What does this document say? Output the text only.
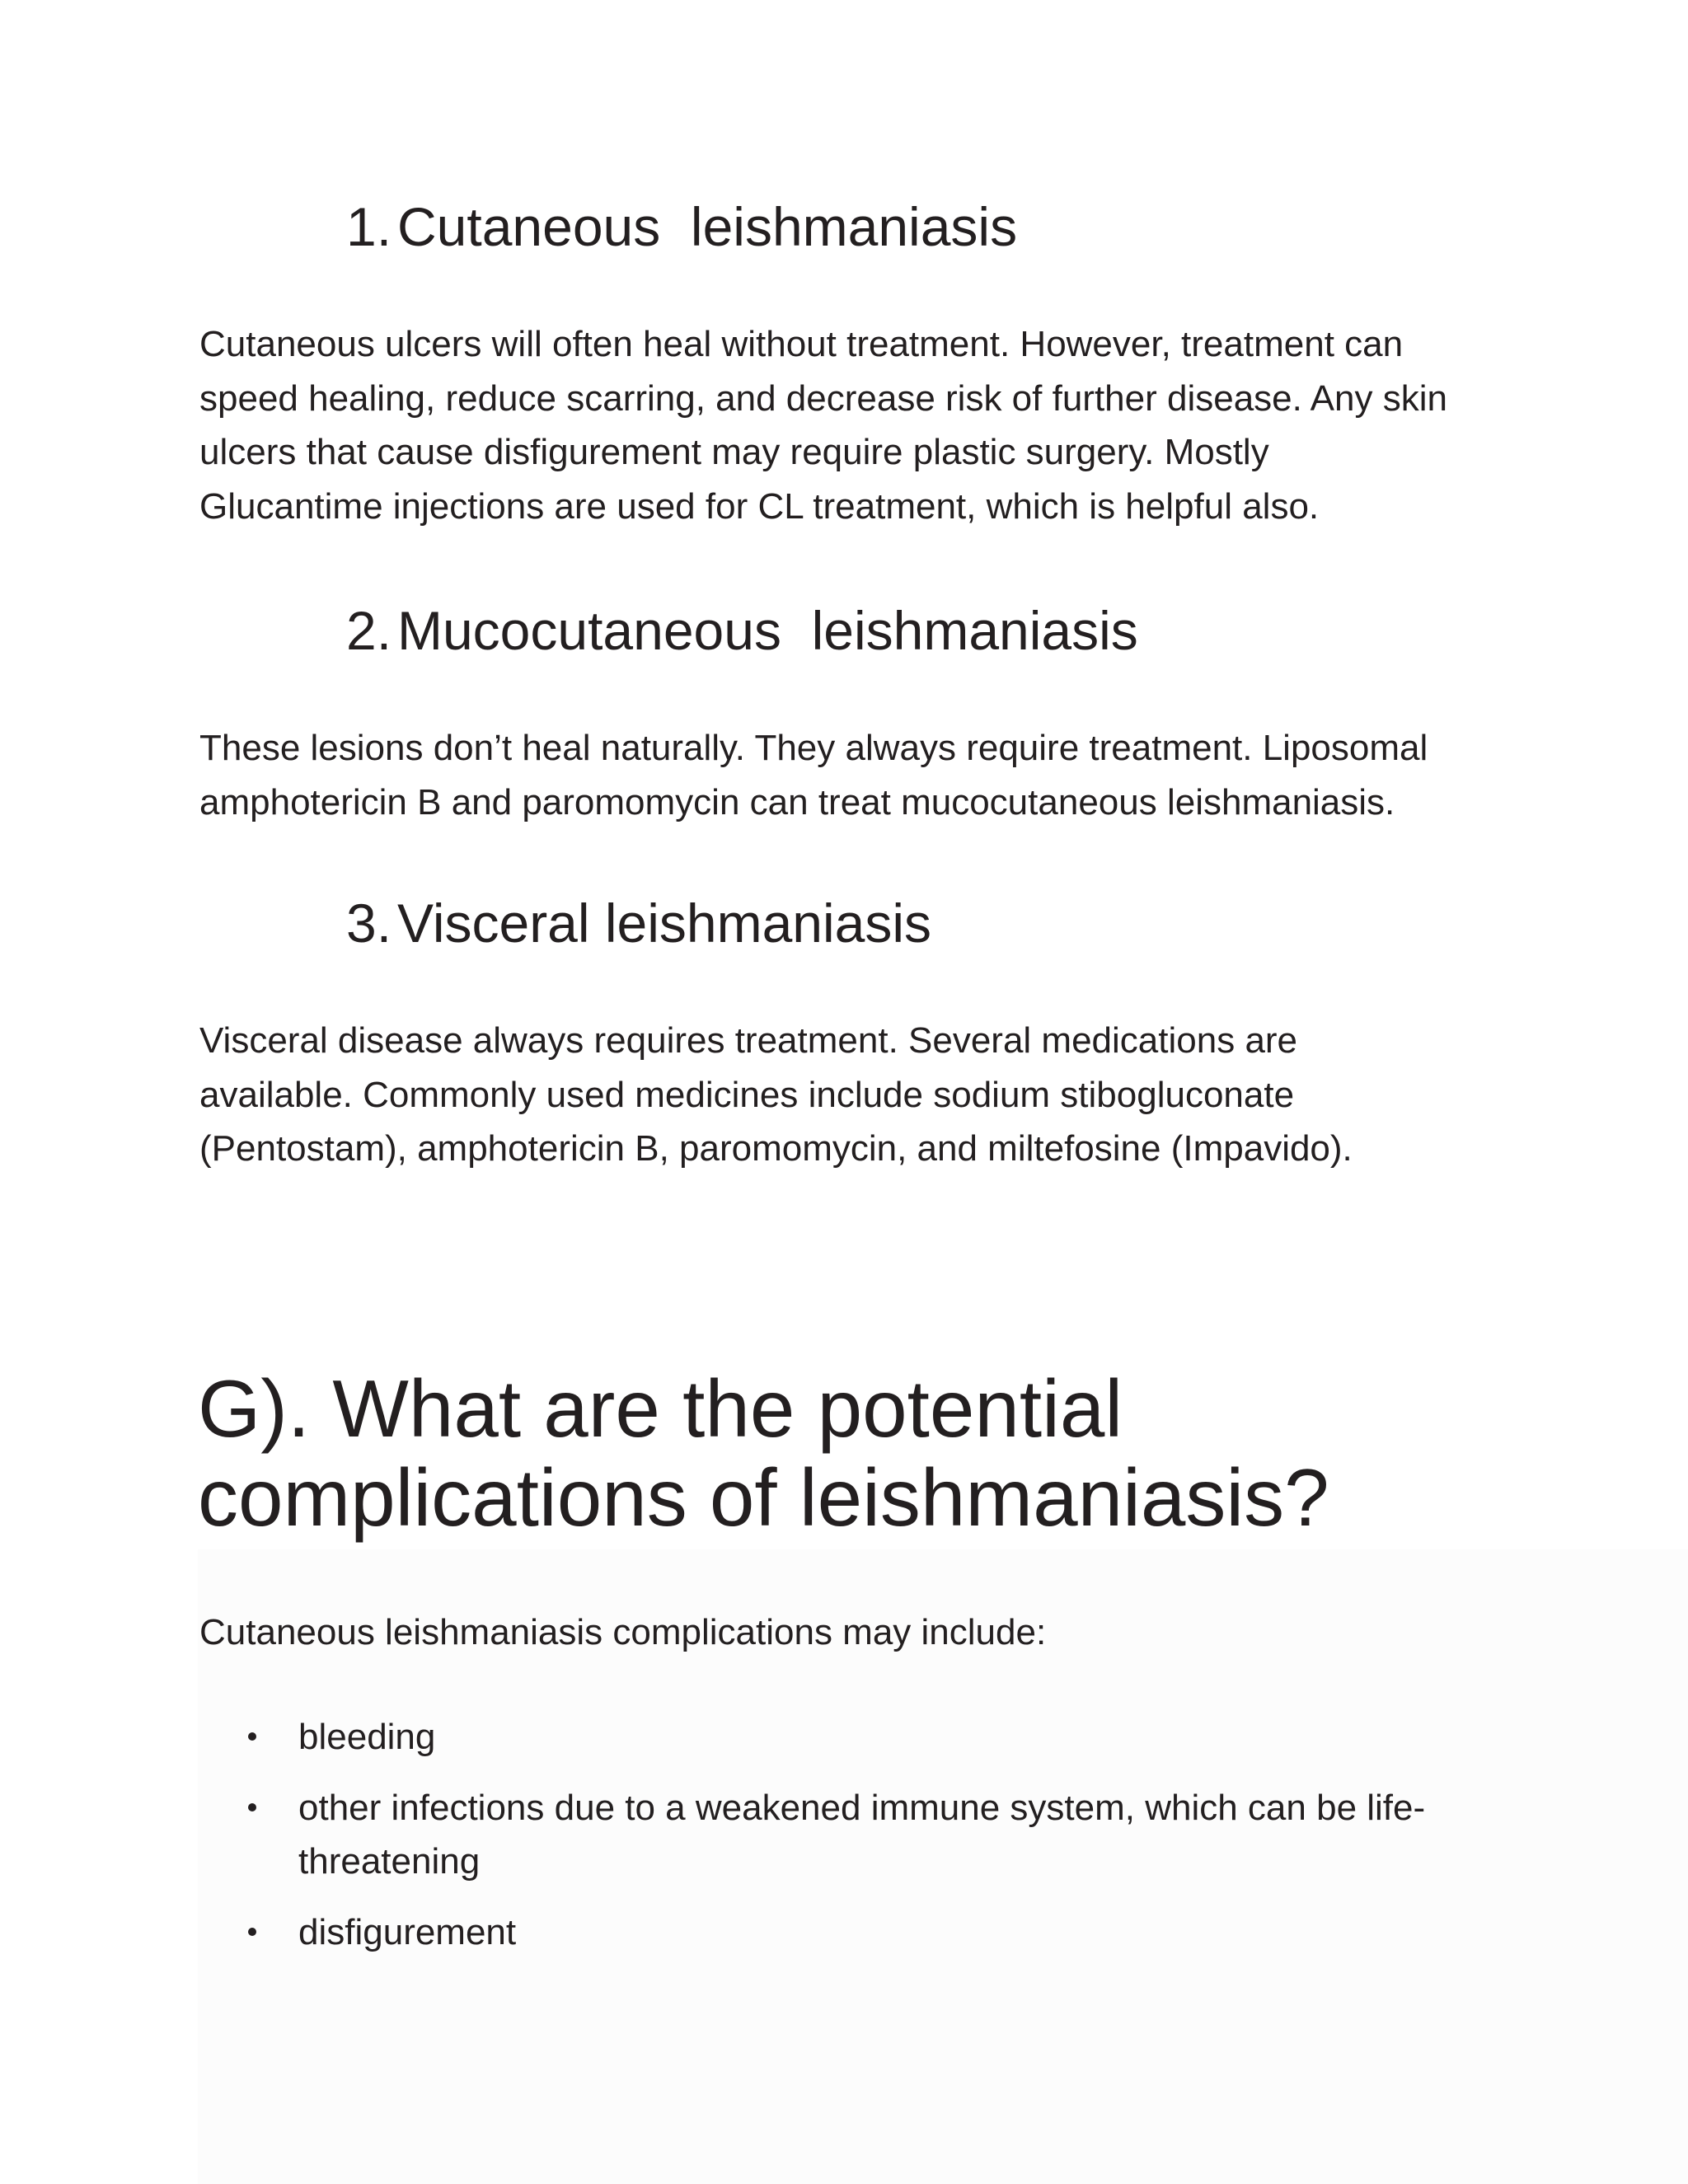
1. Cutaneous  leishmaniasis

Cutaneous ulcers will often heal without treatment. However, treatment can
speed healing, reduce scarring, and decrease risk of further disease. Any skin
ulcers that cause disfigurement may require plastic surgery. Mostly
Glucantime injections are used for CL treatment, which is helpful also.

2. Mucocutaneous  leishmaniasis

These lesions don’t heal naturally. They always require treatment. Liposomal
amphotericin B and paromomycin can treat mucocutaneous leishmaniasis.

3. Visceral leishmaniasis

Visceral disease always requires treatment. Several medications are
available. Commonly used medicines include sodium stibogluconate
(Pentostam), amphotericin B, paromomycin, and miltefosine (Impavido).

G). What are the potential
complications of leishmaniasis?

Cutaneous leishmaniasis complications may include:

bleeding
other infections due to a weakened immune system, which can be life-
threatening
disfigurement
